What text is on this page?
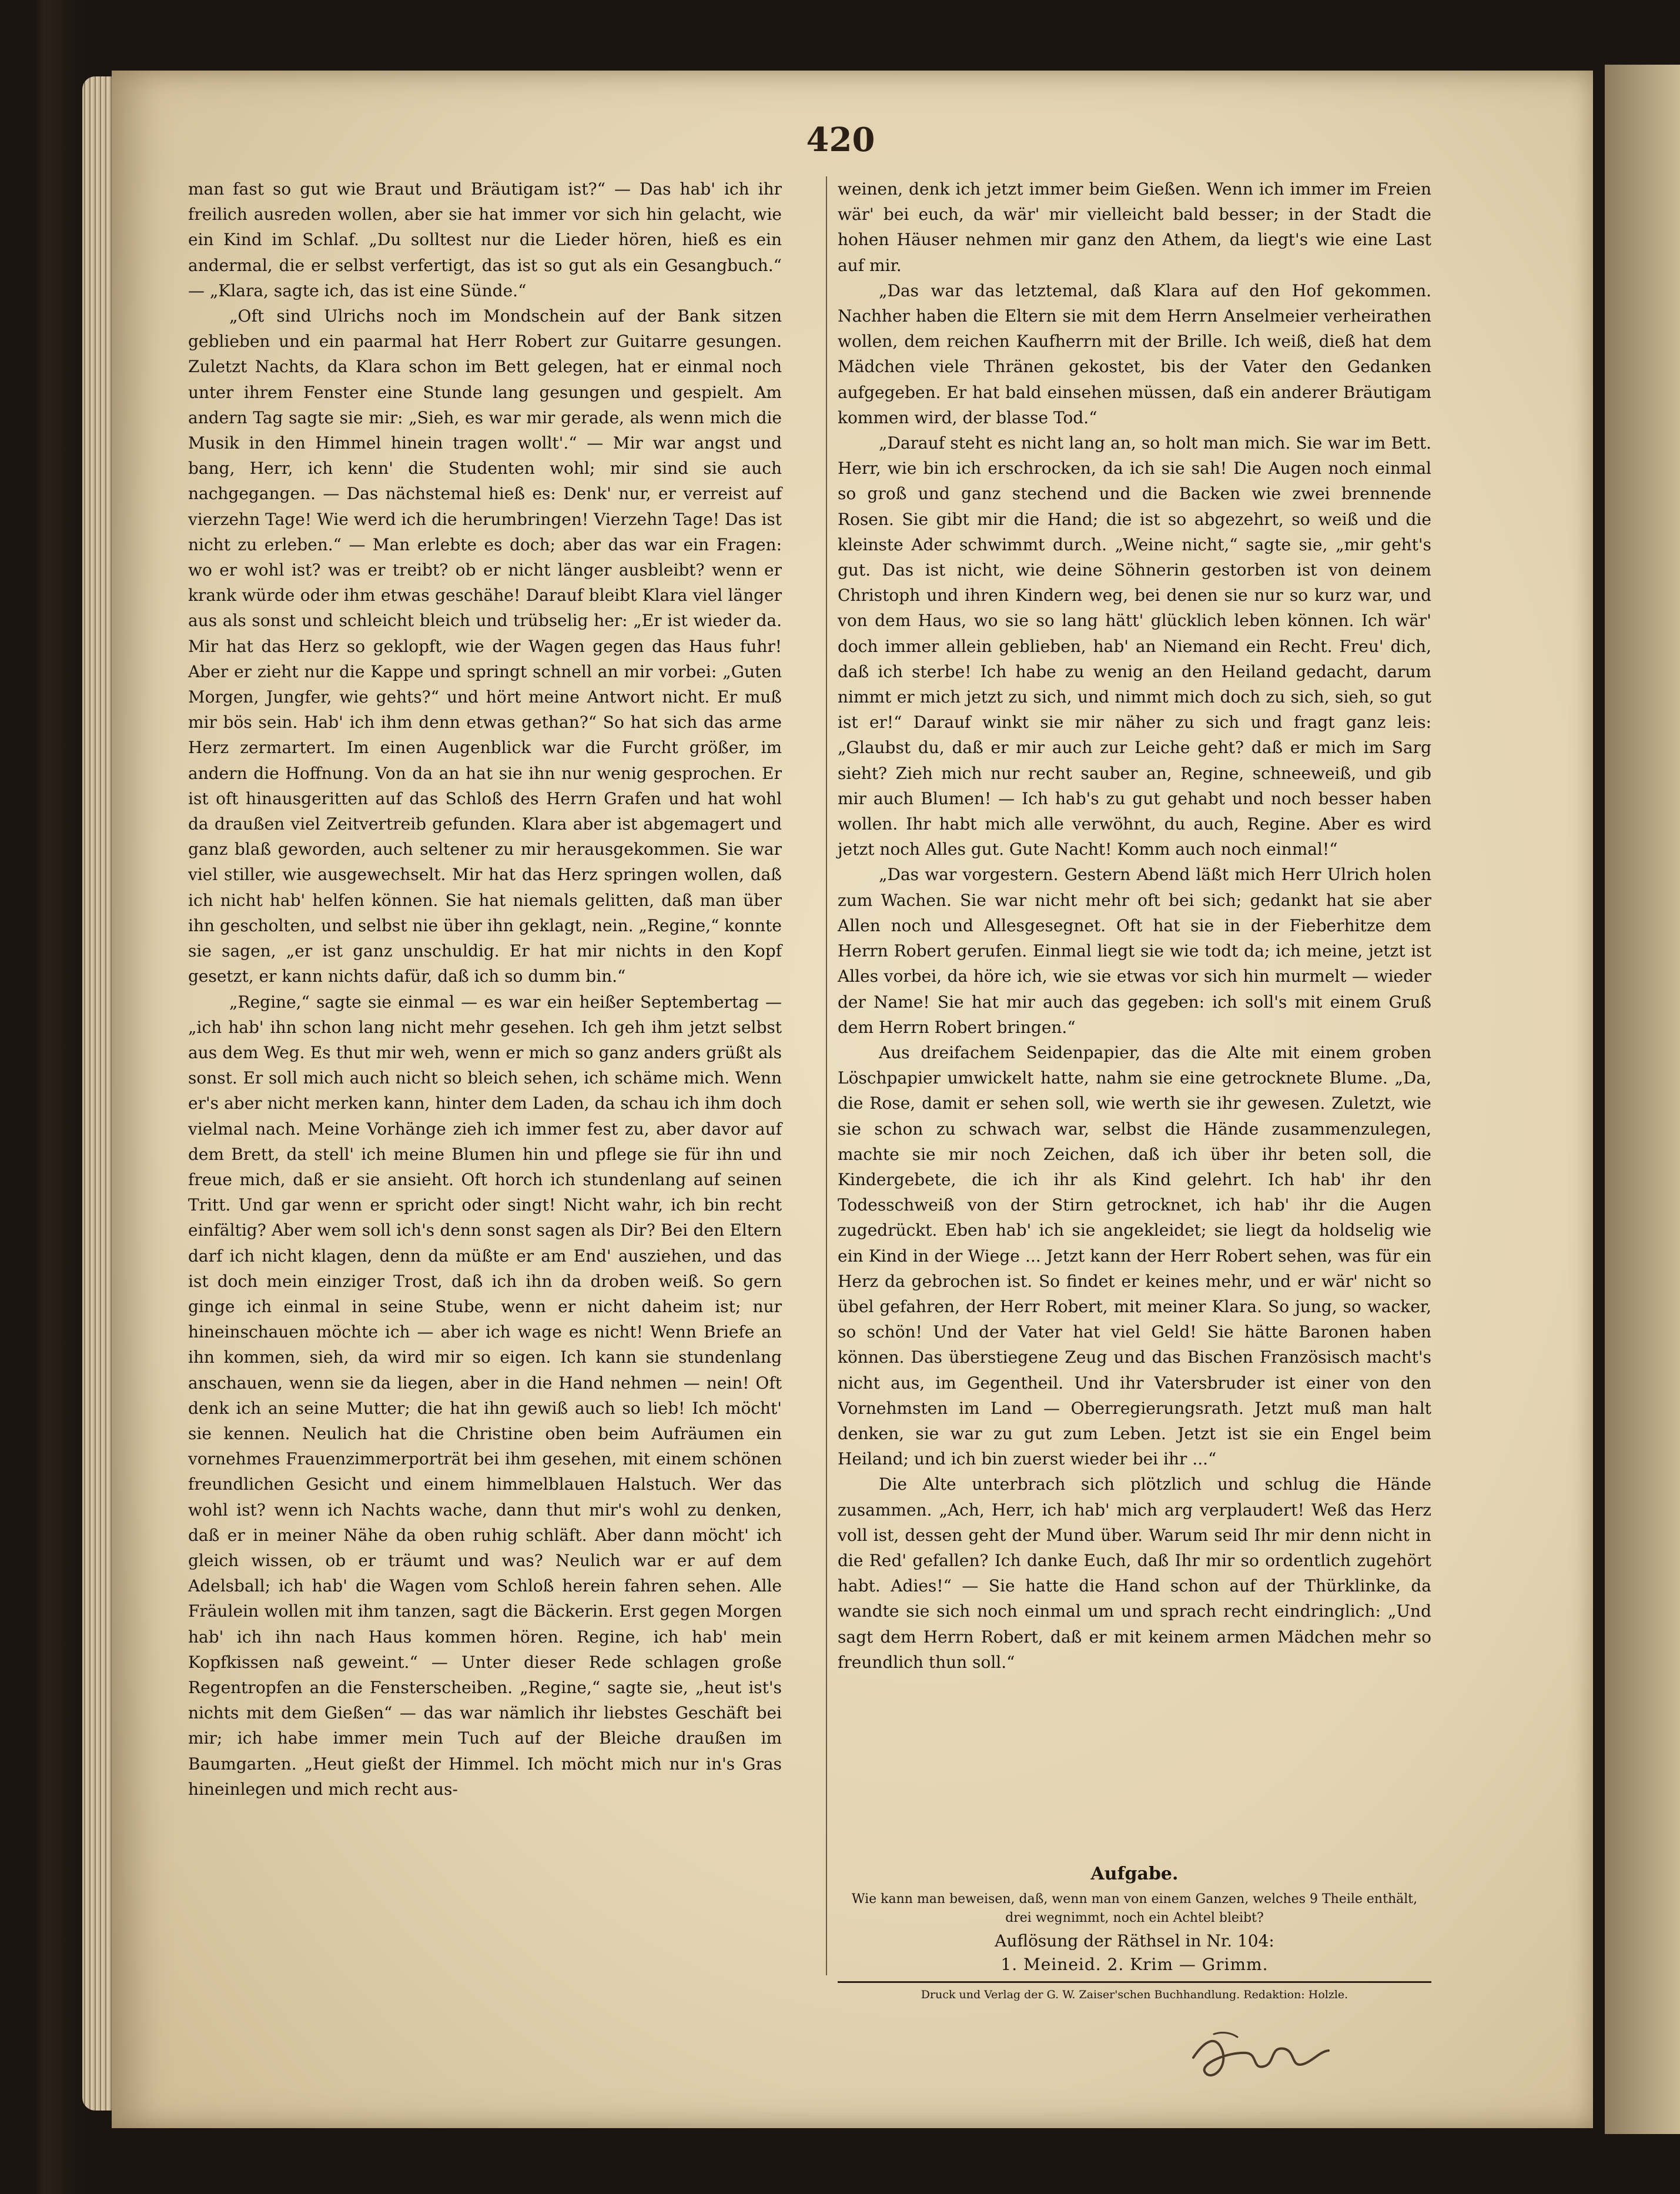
420

man fast so gut wie Braut und Bräutigam ist?“ — Das hab' ich ihr freilich ausreden wollen, aber sie hat immer vor sich hin gelacht, wie ein Kind im Schlaf. „Du solltest nur die Lieder hören, hieß es ein andermal, die er selbst verfertigt, das ist so gut als ein Gesangbuch.“ — „Klara, sagte ich, das ist eine Sünde.“

„Oft sind Ulrichs noch im Mondschein auf der Bank sitzen geblieben und ein paarmal hat Herr Robert zur Guitarre gesungen. Zuletzt Nachts, da Klara schon im Bett gelegen, hat er einmal noch unter ihrem Fenster eine Stunde lang gesungen und gespielt. Am andern Tag sagte sie mir: „Sieh, es war mir gerade, als wenn mich die Musik in den Himmel hinein tragen wollt'.“ — Mir war angst und bang, Herr, ich kenn' die Studenten wohl; mir sind sie auch nachgegangen. — Das nächstemal hieß es: Denk' nur, er verreist auf vierzehn Tage! Wie werd ich die herumbringen! Vierzehn Tage! Das ist nicht zu erleben.“ — Man erlebte es doch; aber das war ein Fragen: wo er wohl ist? was er treibt? ob er nicht länger ausbleibt? wenn er krank würde oder ihm etwas geschähe! Darauf bleibt Klara viel länger aus als sonst und schleicht bleich und trübselig her: „Er ist wieder da. Mir hat das Herz so geklopft, wie der Wagen gegen das Haus fuhr! Aber er zieht nur die Kappe und springt schnell an mir vorbei: „Guten Morgen, Jungfer, wie gehts?“ und hört meine Antwort nicht. Er muß mir bös sein. Hab' ich ihm denn etwas gethan?“ So hat sich das arme Herz zermartert. Im einen Augenblick war die Furcht größer, im andern die Hoffnung. Von da an hat sie ihn nur wenig gesprochen. Er ist oft hinausgeritten auf das Schloß des Herrn Grafen und hat wohl da draußen viel Zeitvertreib gefunden. Klara aber ist abgemagert und ganz blaß geworden, auch seltener zu mir herausgekommen. Sie war viel stiller, wie ausgewechselt. Mir hat das Herz springen wollen, daß ich nicht hab' helfen können. Sie hat niemals gelitten, daß man über ihn gescholten, und selbst nie über ihn geklagt, nein. „Regine,“ konnte sie sagen, „er ist ganz unschuldig. Er hat mir nichts in den Kopf gesetzt, er kann nichts dafür, daß ich so dumm bin.“

„Regine,“ sagte sie einmal — es war ein heißer Septembertag — „ich hab' ihn schon lang nicht mehr gesehen. Ich geh ihm jetzt selbst aus dem Weg. Es thut mir weh, wenn er mich so ganz anders grüßt als sonst. Er soll mich auch nicht so bleich sehen, ich schäme mich. Wenn er's aber nicht merken kann, hinter dem Laden, da schau ich ihm doch vielmal nach. Meine Vorhänge zieh ich immer fest zu, aber davor auf dem Brett, da stell' ich meine Blumen hin und pflege sie für ihn und freue mich, daß er sie ansieht. Oft horch ich stundenlang auf seinen Tritt. Und gar wenn er spricht oder singt! Nicht wahr, ich bin recht einfältig? Aber wem soll ich's denn sonst sagen als Dir? Bei den Eltern darf ich nicht klagen, denn da müßte er am End' ausziehen, und das ist doch mein einziger Trost, daß ich ihn da droben weiß. So gern ginge ich einmal in seine Stube, wenn er nicht daheim ist; nur hineinschauen möchte ich — aber ich wage es nicht! Wenn Briefe an ihn kommen, sieh, da wird mir so eigen. Ich kann sie stundenlang anschauen, wenn sie da liegen, aber in die Hand nehmen — nein! Oft denk ich an seine Mutter; die hat ihn gewiß auch so lieb! Ich möcht' sie kennen. Neulich hat die Christine oben beim Aufräumen ein vornehmes Frauenzimmerporträt bei ihm gesehen, mit einem schönen freundlichen Gesicht und einem himmelblauen Halstuch. Wer das wohl ist? wenn ich Nachts wache, dann thut mir's wohl zu denken, daß er in meiner Nähe da oben ruhig schläft. Aber dann möcht' ich gleich wissen, ob er träumt und was? Neulich war er auf dem Adelsball; ich hab' die Wagen vom Schloß herein fahren sehen. Alle Fräulein wollen mit ihm tanzen, sagt die Bäckerin. Erst gegen Morgen hab' ich ihn nach Haus kommen hören. Regine, ich hab' mein Kopfkissen naß geweint.“ — Unter dieser Rede schlagen große Regentropfen an die Fensterscheiben. „Regine,“ sagte sie, „heut ist's nichts mit dem Gießen“ — das war nämlich ihr liebstes Geschäft bei mir; ich habe immer mein Tuch auf der Bleiche draußen im Baumgarten. „Heut gießt der Himmel. Ich möcht mich nur in's Gras hineinlegen und mich recht aus-

weinen, denk ich jetzt immer beim Gießen. Wenn ich immer im Freien wär' bei euch, da wär' mir vielleicht bald besser; in der Stadt die hohen Häuser nehmen mir ganz den Athem, da liegt's wie eine Last auf mir.

„Das war das letztemal, daß Klara auf den Hof gekommen. Nachher haben die Eltern sie mit dem Herrn Anselmeier verheirathen wollen, dem reichen Kaufherrn mit der Brille. Ich weiß, dieß hat dem Mädchen viele Thränen gekostet, bis der Vater den Gedanken aufgegeben. Er hat bald einsehen müssen, daß ein anderer Bräutigam kommen wird, der blasse Tod.“

„Darauf steht es nicht lang an, so holt man mich. Sie war im Bett. Herr, wie bin ich erschrocken, da ich sie sah! Die Augen noch einmal so groß und ganz stechend und die Backen wie zwei brennende Rosen. Sie gibt mir die Hand; die ist so abgezehrt, so weiß und die kleinste Ader schwimmt durch. „Weine nicht,“ sagte sie, „mir geht's gut. Das ist nicht, wie deine Söhnerin gestorben ist von deinem Christoph und ihren Kindern weg, bei denen sie nur so kurz war, und von dem Haus, wo sie so lang hätt' glücklich leben können. Ich wär' doch immer allein geblieben, hab' an Niemand ein Recht. Freu' dich, daß ich sterbe! Ich habe zu wenig an den Heiland gedacht, darum nimmt er mich jetzt zu sich, und nimmt mich doch zu sich, sieh, so gut ist er!“ Darauf winkt sie mir näher zu sich und fragt ganz leis: „Glaubst du, daß er mir auch zur Leiche geht? daß er mich im Sarg sieht? Zieh mich nur recht sauber an, Regine, schneeweiß, und gib mir auch Blumen! — Ich hab's zu gut gehabt und noch besser haben wollen. Ihr habt mich alle verwöhnt, du auch, Regine. Aber es wird jetzt noch Alles gut. Gute Nacht! Komm auch noch einmal!“

„Das war vorgestern. Gestern Abend läßt mich Herr Ulrich holen zum Wachen. Sie war nicht mehr oft bei sich; gedankt hat sie aber Allen noch und Allesgesegnet. Oft hat sie in der Fieberhitze dem Herrn Robert gerufen. Einmal liegt sie wie todt da; ich meine, jetzt ist Alles vorbei, da höre ich, wie sie etwas vor sich hin murmelt — wieder der Name! Sie hat mir auch das gegeben: ich soll's mit einem Gruß dem Herrn Robert bringen.“

Aus dreifachem Seidenpapier, das die Alte mit einem groben Löschpapier umwickelt hatte, nahm sie eine getrocknete Blume. „Da, die Rose, damit er sehen soll, wie werth sie ihr gewesen. Zuletzt, wie sie schon zu schwach war, selbst die Hände zusammenzulegen, machte sie mir noch Zeichen, daß ich über ihr beten soll, die Kindergebete, die ich ihr als Kind gelehrt. Ich hab' ihr den Todesschweiß von der Stirn getrocknet, ich hab' ihr die Augen zugedrückt. Eben hab' ich sie angekleidet; sie liegt da holdselig wie ein Kind in der Wiege ... Jetzt kann der Herr Robert sehen, was für ein Herz da gebrochen ist. So findet er keines mehr, und er wär' nicht so übel gefahren, der Herr Robert, mit meiner Klara. So jung, so wacker, so schön! Und der Vater hat viel Geld! Sie hätte Baronen haben können. Das überstiegene Zeug und das Bischen Französisch macht's nicht aus, im Gegentheil. Und ihr Vatersbruder ist einer von den Vornehmsten im Land — Oberregierungsrath. Jetzt muß man halt denken, sie war zu gut zum Leben. Jetzt ist sie ein Engel beim Heiland; und ich bin zuerst wieder bei ihr ...“

Die Alte unterbrach sich plötzlich und schlug die Hände zusammen. „Ach, Herr, ich hab' mich arg verplaudert! Weß das Herz voll ist, dessen geht der Mund über. Warum seid Ihr mir denn nicht in die Red' gefallen? Ich danke Euch, daß Ihr mir so ordentlich zugehört habt. Adies!“ — Sie hatte die Hand schon auf der Thürklinke, da wandte sie sich noch einmal um und sprach recht eindringlich: „Und sagt dem Herrn Robert, daß er mit keinem armen Mädchen mehr so freundlich thun soll.“

Aufgabe.
Wie kann man beweisen, daß, wenn man von einem Ganzen, welches 9 Theile enthält, drei wegnimmt, noch ein Achtel bleibt?
Auflösung der Räthsel in Nr. 104:
1. Meineid. 2. Krim — Grimm.
Druck und Verlag der G. W. Zaiser'schen Buchhandlung. Redaktion: Holzle.
